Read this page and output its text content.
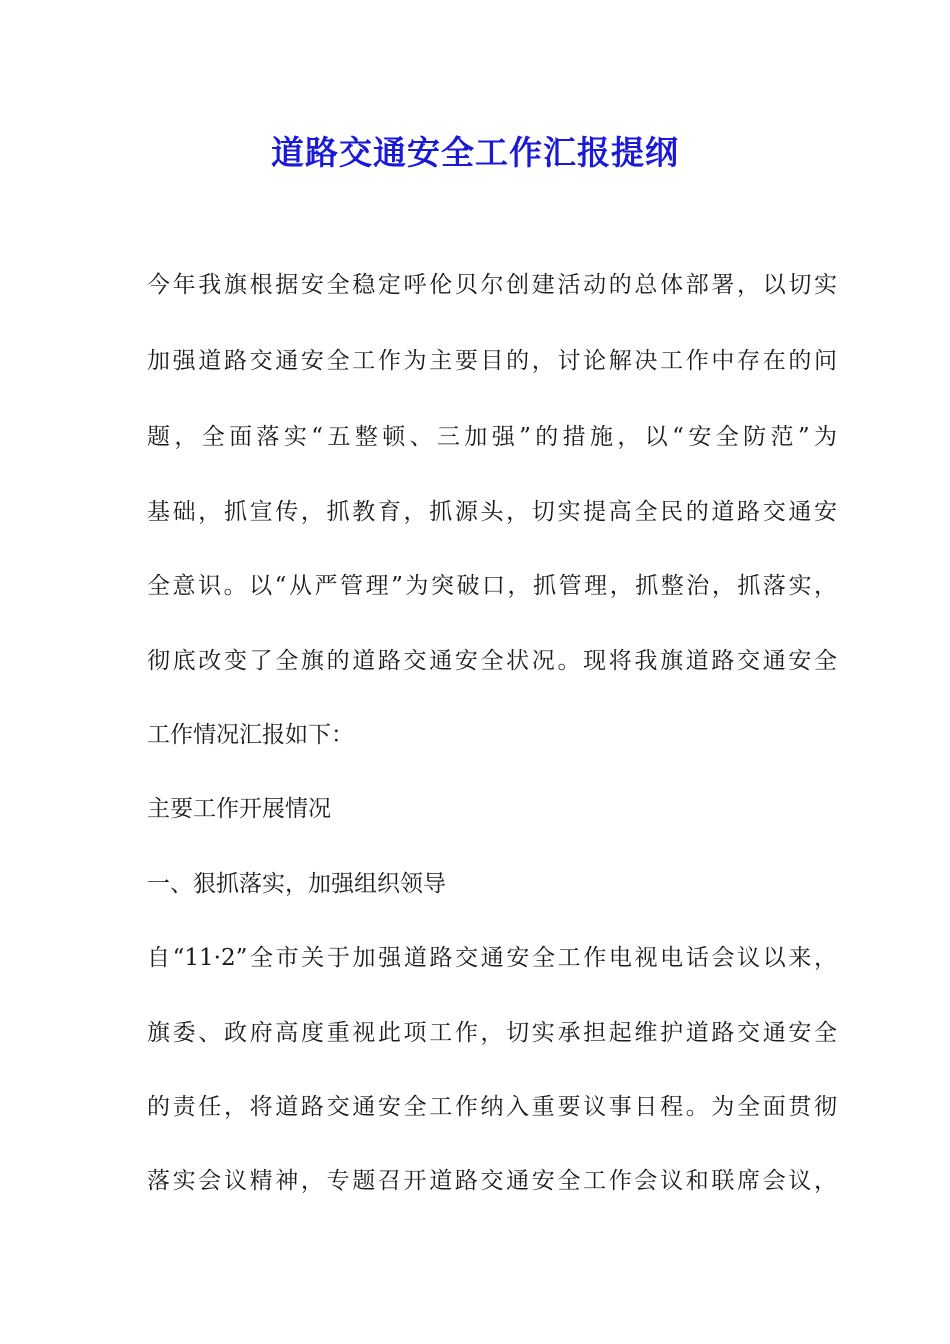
道路交通安全工作汇报提纲
今年我旗根据安全稳定呼伦贝尔创建活动的总体部署，以切实
加强道路交通安全工作为主要目的，讨论解决工作中存在的问
题，全面落实“五整顿、三加强”的措施，以“安全防范”为
基础，抓宣传，抓教育，抓源头，切实提高全民的道路交通安
全意识。以“从严管理”为突破口，抓管理，抓整治，抓落实，
彻底改变了全旗的道路交通安全状况。现将我旗道路交通安全
工作情况汇报如下：
主要工作开展情况
一、狠抓落实，加强组织领导
自“11·2”全市关于加强道路交通安全工作电视电话会议以来，
旗委、政府高度重视此项工作，切实承担起维护道路交通安全
的责任，将道路交通安全工作纳入重要议事日程。为全面贯彻
落实会议精神，专题召开道路交通安全工作会议和联席会议，
